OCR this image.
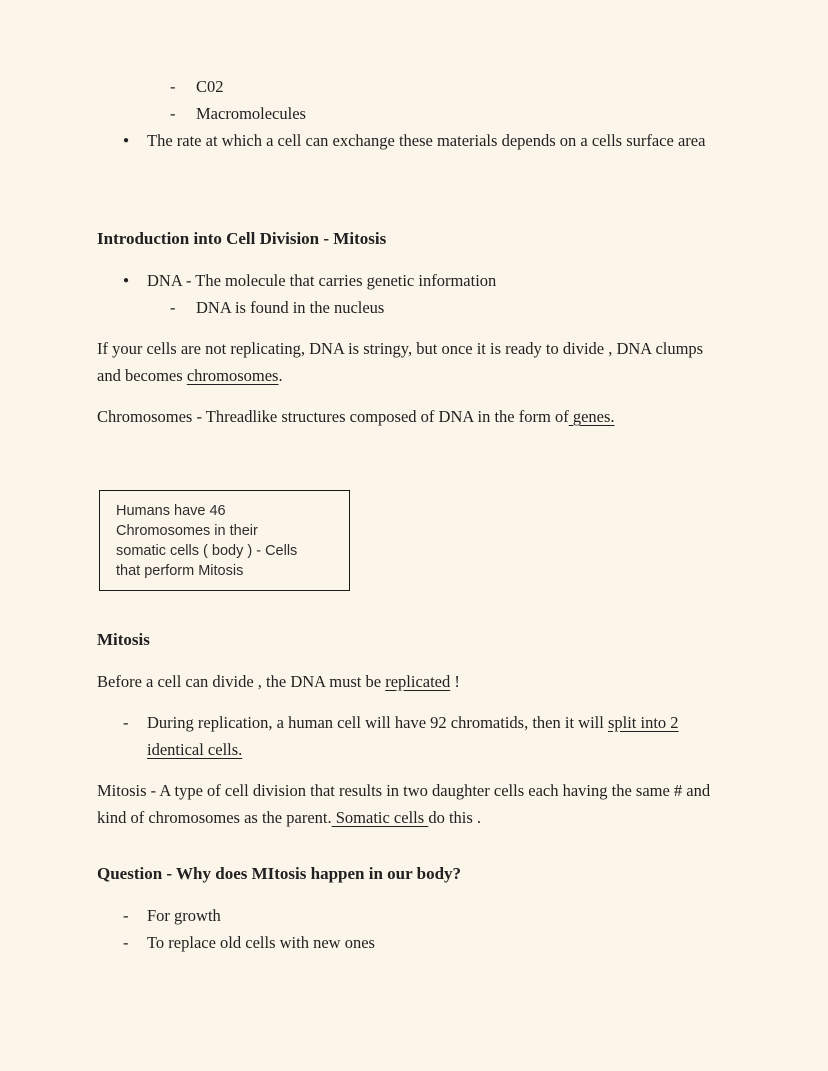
-	C02
-	Macromolecules
●	The rate at which a cell can exchange these materials depends on a cells surface area
Introduction into Cell Division - Mitosis
●	DNA - The molecule that carries genetic information
-	DNA is found in the nucleus

If your cells are not replicating, DNA is stringy, but once it is ready to divide , DNA clumps and becomes chromosomes.

Chromosomes - Threadlike structures composed of DNA in the form of genes.

Humans have 46
Chromosomes in their
somatic cells ( body ) - Cells
that perform Mitosis
Mitosis

Before a cell can divide , the DNA must be replicated !

-	During replication, a human cell will have 92 chromatids, then it will split into 2 identical cells.

Mitosis - A type of cell division that results in two daughter cells each having the same # and kind of chromosomes as the parent. Somatic cells do this .

Question - Why does MItosis happen in our body?
-	For growth
-	To replace old cells with new ones
